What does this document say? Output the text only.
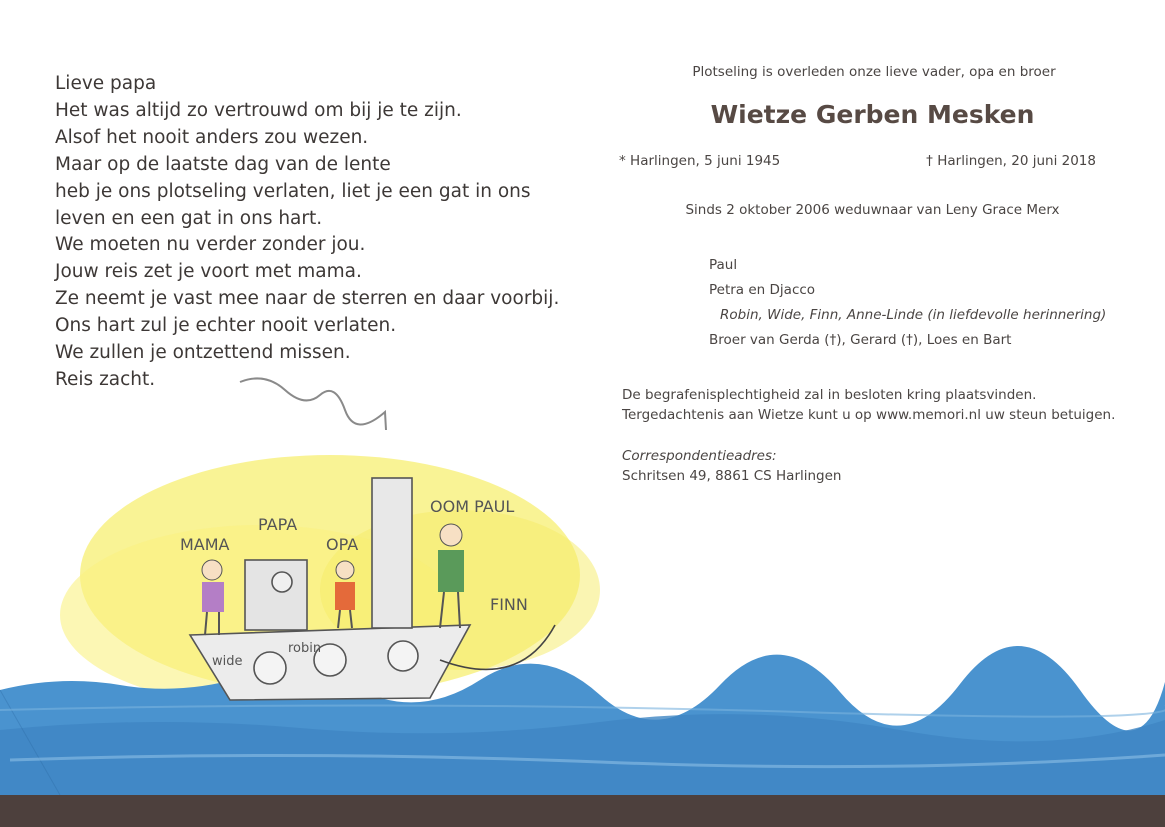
Lieve papa
Het was altijd zo vertrouwd om bij je te zijn.
Alsof het nooit anders zou wezen.
Maar op de laatste dag van de lente
heb je ons plotseling verlaten, liet je een gat in ons
leven en een gat in ons hart.
We moeten nu verder zonder jou.
Jouw reis zet je voort met mama.
Ze neemt je vast mee naar de sterren en daar voorbij.
Ons hart zul je echter nooit verlaten.
We zullen je ontzettend missen.
Reis zacht.
MAMA
PAPA
OPA
OOM PAUL
FINN
wide
robin
Plotseling is overleden onze lieve vader, opa en broer
Wietze Gerben Mesken
* Harlingen, 5 juni 1945	† Harlingen, 20 juni 2018
Sinds 2 oktober 2006 weduwnaar van Leny Grace Merx
Paul
Petra en Djacco
Robin, Wide, Finn, Anne-Linde (in liefdevolle herinnering)
Broer van Gerda (†), Gerard (†), Loes en Bart
De begrafenisplechtigheid zal in besloten kring plaatsvinden.
Tergedachtenis aan Wietze kunt u op www.memori.nl uw steun betuigen.
Correspondentieadres:
Schritsen 49, 8861 CS Harlingen
